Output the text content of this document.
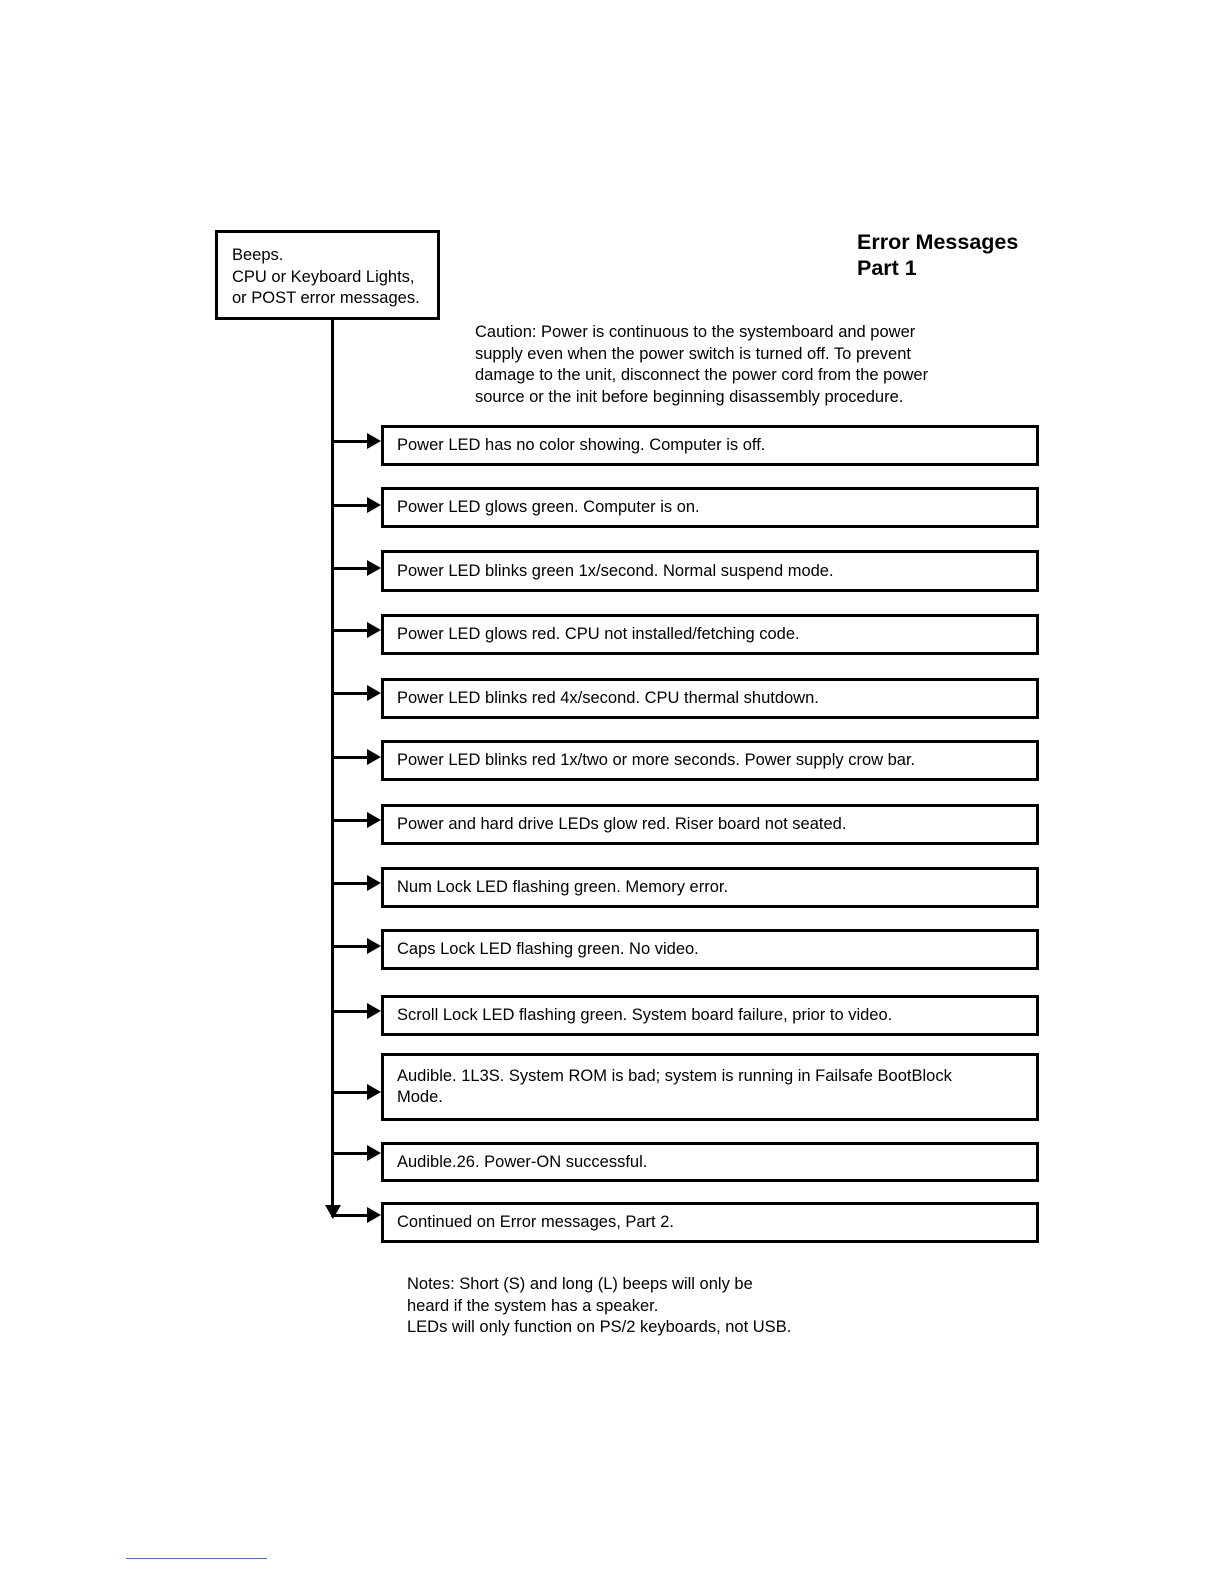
Error Messages
Part 1
Beeps.
CPU or Keyboard Lights,
or POST error messages.
Caution: Power is continuous to the systemboard and power
supply even when the power switch is turned off. To prevent
damage to the unit, disconnect the power cord from the power
source or the init before beginning disassembly procedure.
Power LED has no color showing. Computer is off.
Power LED glows green. Computer is on.
Power LED blinks green 1x/second. Normal suspend mode.
Power LED glows red. CPU not installed/fetching code.
Power LED blinks red 4x/second. CPU thermal shutdown.
Power LED blinks red 1x/two or more seconds. Power supply crow bar.
Power and hard drive LEDs glow red. Riser board not seated.
Num Lock LED flashing green. Memory error.
Caps Lock LED flashing green. No video.
Scroll Lock LED flashing green. System board failure, prior to video.
Audible. 1L3S. System ROM is bad; system is running in Failsafe BootBlock
Mode.
Audible.26. Power-ON successful.
Continued on Error messages, Part 2.
Notes: Short (S) and long (L) beeps will only be
heard if the system has a speaker.
LEDs will only function on PS/2 keyboards, not USB.
